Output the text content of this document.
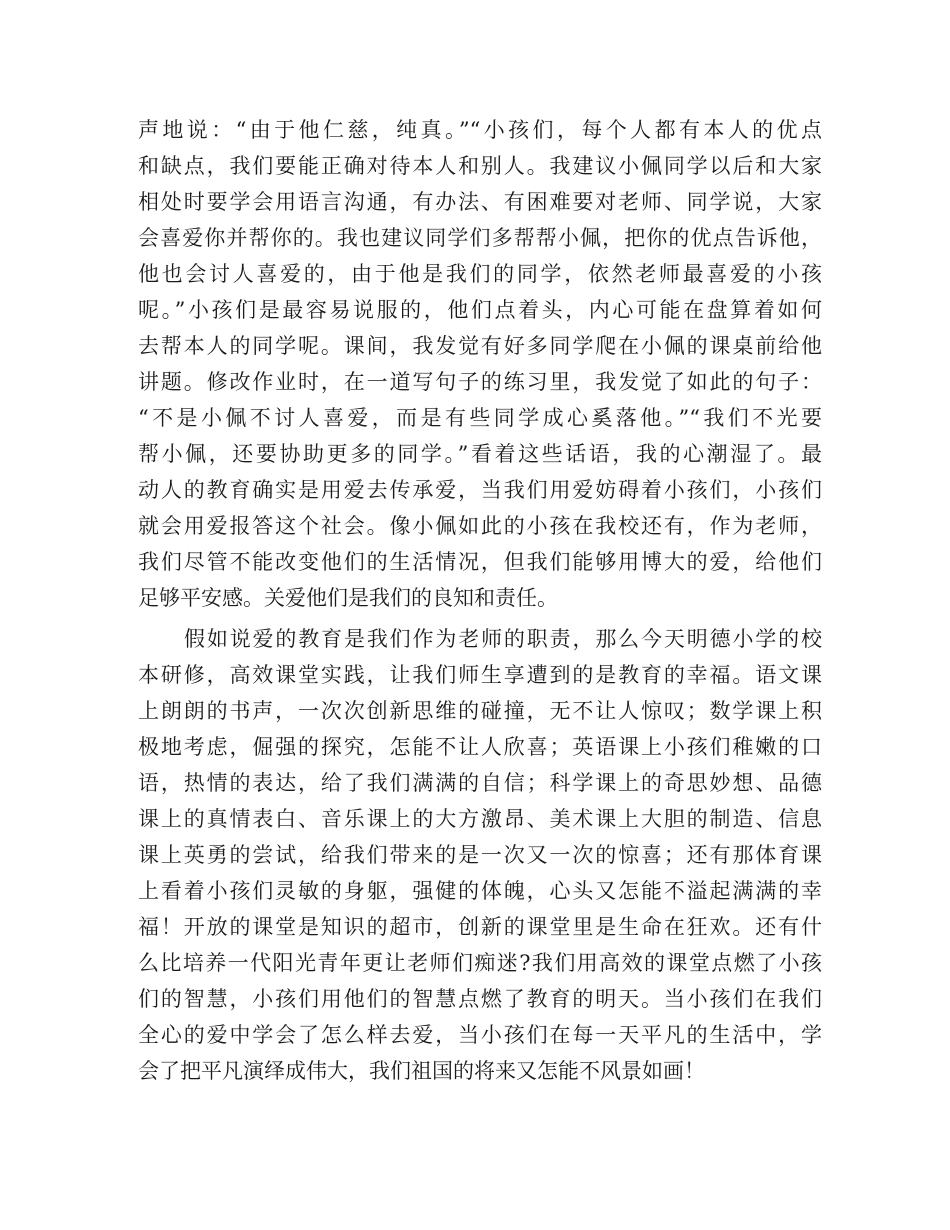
声地说：“由于他仁慈，纯真。”“小孩们，每个人都有本人的优点
和缺点，我们要能正确对待本人和别人。我建议小佩同学以后和大家
相处时要学会用语言沟通，有办法、有困难要对老师、同学说，大家
会喜爱你并帮你的。我也建议同学们多帮帮小佩，把你的优点告诉他，
他也会讨人喜爱的，由于他是我们的同学，依然老师最喜爱的小孩
呢。”小孩们是最容易说服的，他们点着头，内心可能在盘算着如何
去帮本人的同学呢。课间，我发觉有好多同学爬在小佩的课桌前给他
讲题。修改作业时，在一道写句子的练习里，我发觉了如此的句子：
“不是小佩不讨人喜爱，而是有些同学成心奚落他。”“我们不光要
帮小佩，还要协助更多的同学。”看着这些话语，我的心潮湿了。最
动人的教育确实是用爱去传承爱，当我们用爱妨碍着小孩们，小孩们
就会用爱报答这个社会。像小佩如此的小孩在我校还有，作为老师，
我们尽管不能改变他们的生活情况，但我们能够用博大的爱，给他们
足够平安感。关爱他们是我们的良知和责任。
假如说爱的教育是我们作为老师的职责，那么今天明德小学的校
本研修，高效课堂实践，让我们师生享遭到的是教育的幸福。语文课
上朗朗的书声，一次次创新思维的碰撞，无不让人惊叹；数学课上积
极地考虑，倔强的探究，怎能不让人欣喜；英语课上小孩们稚嫩的口
语，热情的表达，给了我们满满的自信；科学课上的奇思妙想、品德
课上的真情表白、音乐课上的大方激昂、美术课上大胆的制造、信息
课上英勇的尝试，给我们带来的是一次又一次的惊喜；还有那体育课
上看着小孩们灵敏的身躯，强健的体魄，心头又怎能不溢起满满的幸
福！开放的课堂是知识的超市，创新的课堂里是生命在狂欢。还有什
么比培养一代阳光青年更让老师们痴迷?我们用高效的课堂点燃了小孩
们的智慧，小孩们用他们的智慧点燃了教育的明天。当小孩们在我们
全心的爱中学会了怎么样去爱，当小孩们在每一天平凡的生活中，学
会了把平凡演绎成伟大，我们祖国的将来又怎能不风景如画！
